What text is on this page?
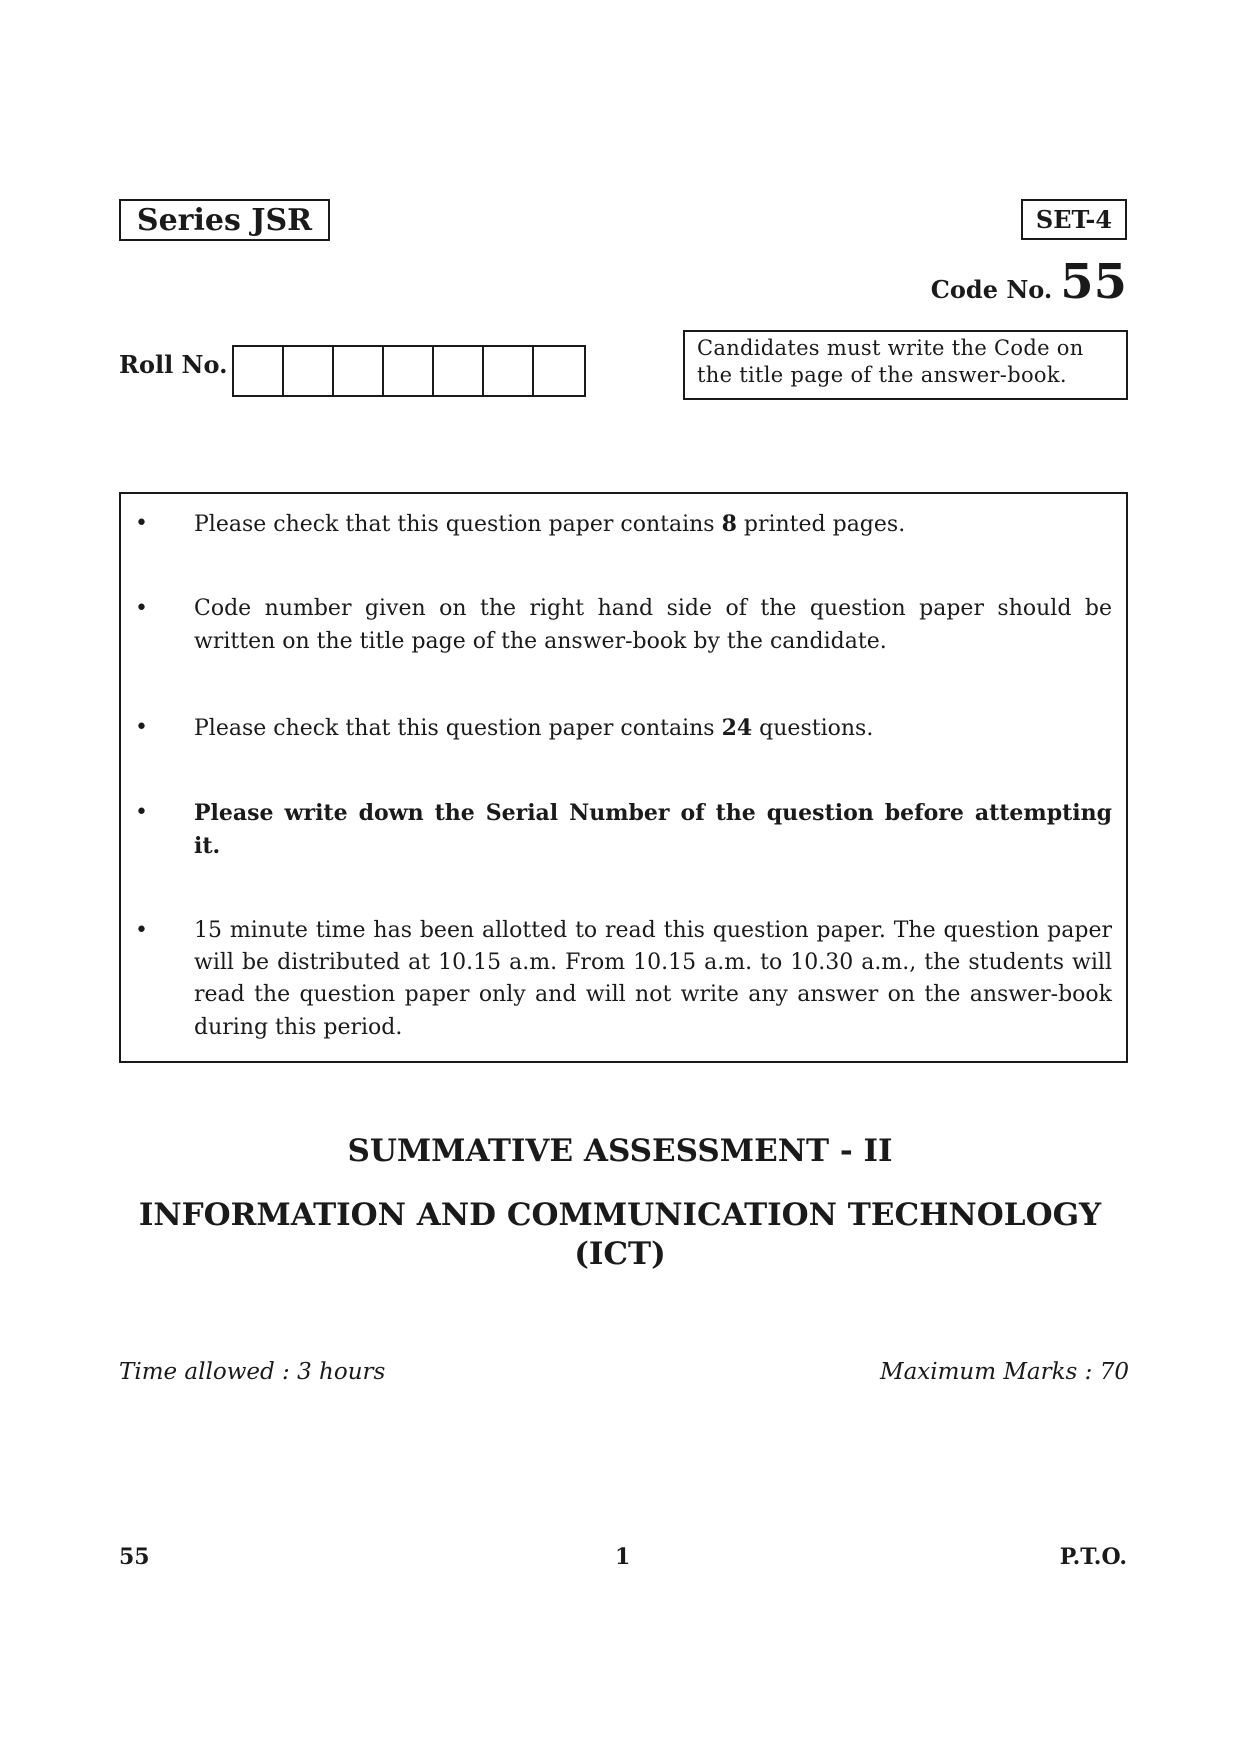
Series JSR	SET-4
Code No. 55
Roll No.
Candidates must write the Code on the title page of the answer-book.
• Please check that this question paper contains 8 printed pages.
• Code number given on the right hand side of the question paper should be written on the title page of the answer-book by the candidate.
• Please check that this question paper contains 24 questions.
• Please write down the Serial Number of the question before attempting it.
• 15 minute time has been allotted to read this question paper. The question paper will be distributed at 10.15 a.m. From 10.15 a.m. to 10.30 a.m., the students will read the question paper only and will not write any answer on the answer-book during this period.
SUMMATIVE ASSESSMENT - II
INFORMATION AND COMMUNICATION TECHNOLOGY
(ICT)
Time allowed : 3 hours	Maximum Marks : 70
55	1	P.T.O.
